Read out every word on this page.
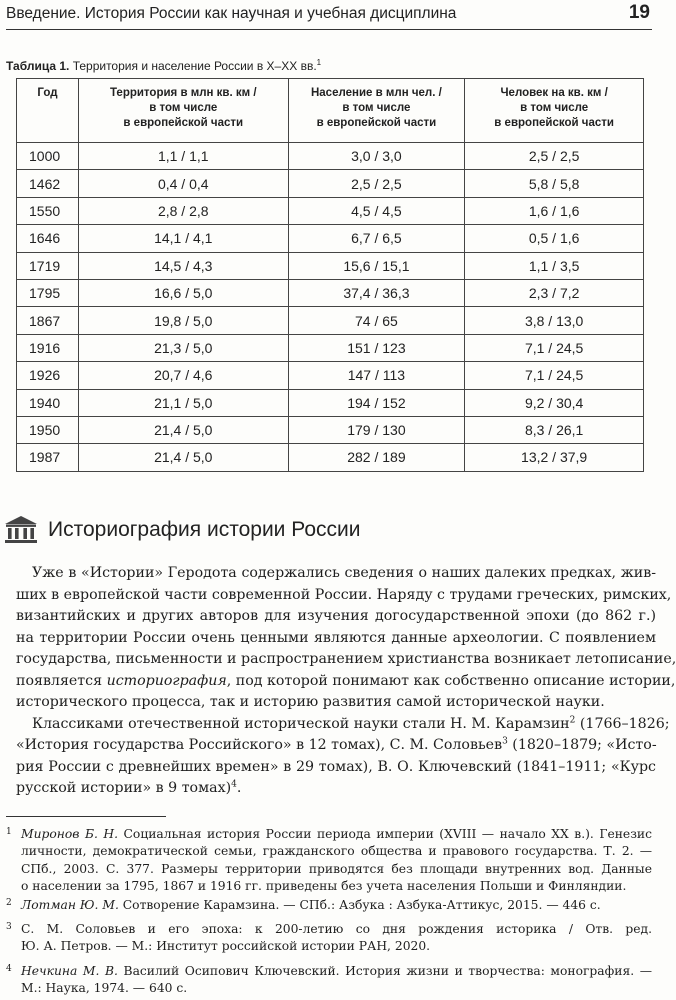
Введение. История России как научная и учебная дисциплина	19
Таблица 1. Территория и население России в X–XX вв.$^1$
Год	Территория в млн кв. км /
в том числе
в европейской части	Население в млн чел. /
в том числе
в европейской части	Человек на кв. км /
в том числе
в европейской части

1000	1,1 / 1,1	3,0 / 3,0	2,5 / 2,5
1462	0,4 / 0,4	2,5 / 2,5	5,8 / 5,8
1550	2,8 / 2,8	4,5 / 4,5	1,6 / 1,6
1646	14,1 / 4,1	6,7 / 6,5	0,5 / 1,6
1719	14,5 / 4,3	15,6 / 15,1	1,1 / 3,5
1795	16,6 / 5,0	37,4 / 36,3	2,3 / 7,2
1867	19,8 / 5,0	74 / 65	3,8 / 13,0
1916	21,3 / 5,0	151 / 123	7,1 / 24,5
1926	20,7 / 4,6	147 / 113	7,1 / 24,5
1940	21,1 / 5,0	194 / 152	9,2 / 30,4
1950	21,4 / 5,0	179 / 130	8,3 / 26,1
1987	21,4 / 5,0	282 / 189	13,2 / 37,9
Историография истории России
Уже в «Истории» Геродота содержались сведения о наших далеких предках, жив-
ших в европейской части современной России. Наряду с трудами греческих, римских,
византийских и других авторов для изучения догосударственной эпохи (до 862 г.)
на территории России очень ценными являются данные археологии. С появлением
государства, письменности и распространением христианства возникает летописание,
появляется историография, под которой понимают как собственно описание истории,
исторического процесса, так и историю развития самой исторической науки.
Классиками отечественной исторической науки стали Н. М. Карамзин$^2$ (1766–1826;
«История государства Российского» в 12 томах), С. М. Соловьев$^3$ (1820–1879; «Исто-
рия России с древнейших времен» в 29 томах), В. О. Ключевский (1841–1911; «Курс
русской истории» в 9 томах)$^4$.
1 Миронов Б. Н. Социальная история России периода империи (XVIII — начало XX в.). Генезис
личности, демократической семьи, гражданского общества и правового государства. Т. 2. —
СПб., 2003. С. 377. Размеры территории приводятся без площади внутренних вод. Данные
о населении за 1795, 1867 и 1916 гг. приведены без учета населения Польши и Финляндии.
2 Лотман Ю. М. Сотворение Карамзина. — СПб.: Азбука : Азбука-Аттикус, 2015. — 446 с.
3 С. М. Соловьев и его эпоха: к 200-летию со дня рождения историка / Отв. ред.
Ю. А. Петров. — М.: Институт российской истории РАН, 2020.
4 Нечкина М. В. Василий Осипович Ключевский. История жизни и творчества: монография. —
М.: Наука, 1974. — 640 с.
